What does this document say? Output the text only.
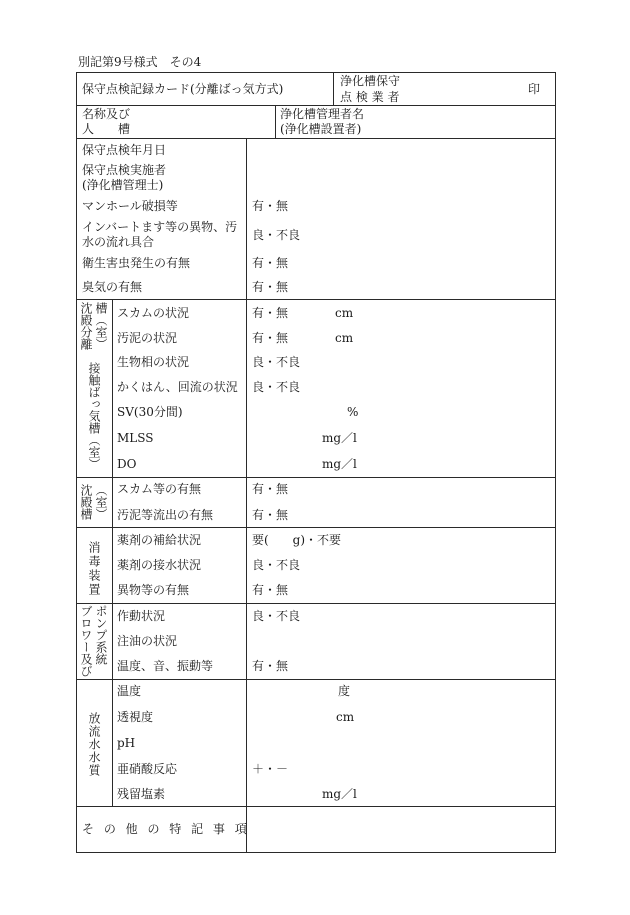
別記第9号様式　その4
保守点検記録カード(分離ばっ気方式)
浄化槽保守
点 検 業 者
印
名称及び
人　　槽
浄化槽管理者名
(浄化槽設置者)
保守点検年月日
保守点検実施者
(浄化槽管理士)
マンホール破損等	有・無
インバートます等の異物、汚
水の流れ具合	良・不良
衛生害虫発生の有無	有・無
臭気の有無	有・無
沈殿分離槽（室）
接触ばっ気槽（室）
スカムの状況	有・無	cm
汚泥の状況	有・無	cm
生物相の状況	良・不良
かくはん、回流の状況 良・不良
SV(30分間)	%
MLSS	mg／l
DO	mg／l
沈殿槽（室） スカム等の有無	有・無
汚泥等流出の有無	有・無
消毒装置
薬剤の補給状況	要(　　g)・不要
薬剤の接水状況	良・不良
異物等の有無	有・無
ブロワー及びポンプ系統 作動状況	良・不良
注油の状況
温度、音、振動等	有・無
放流水水質
温度	度
透視度	cm
pH
亜硝酸反応	＋・－
残留塩素	mg／l
そ の 他 の 特 記 事 項
